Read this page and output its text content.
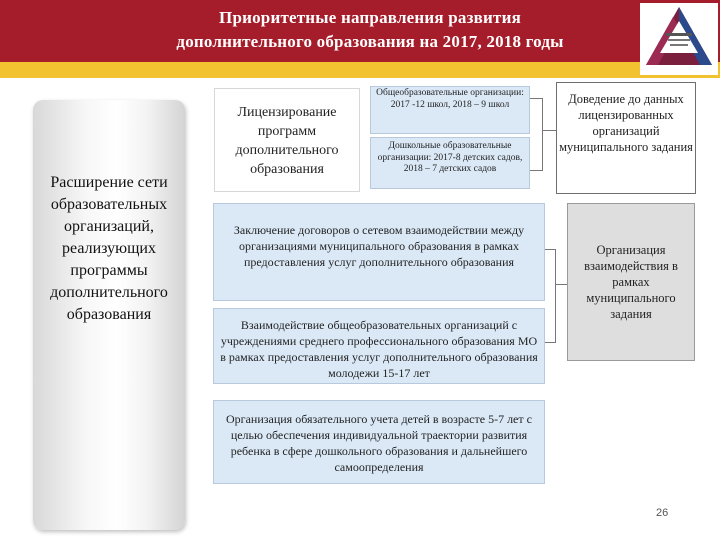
Приоритетные направления развития
дополнительного образования на 2017, 2018 годы
Расширение сети образовательных организаций, реализующих программы дополнительного образования
Лицензирование программ дополнительного образования
Общеобразовательные организации: 2017 -12 школ, 2018 – 9 школ
Дошкольные образовательные организации: 2017-8 детских садов, 2018 – 7 детских садов
Доведение до данных лицензированных организаций муниципального задания
Заключение договоров о сетевом взаимодействии между организациями муниципального образования в рамках предоставления услуг дополнительного образования
Взаимодействие общеобразовательных организаций с учреждениями среднего профессионального образования МО в рамках предоставления услуг дополнительного образования молодежи 15-17 лет
Организация взаимодействия в рамках муниципального задания
Организация обязательного учета детей в возрасте 5-7 лет с целью обеспечения индивидуальной траектории развития ребенка в сфере дошкольного образования и дальнейшего самоопределения
26
